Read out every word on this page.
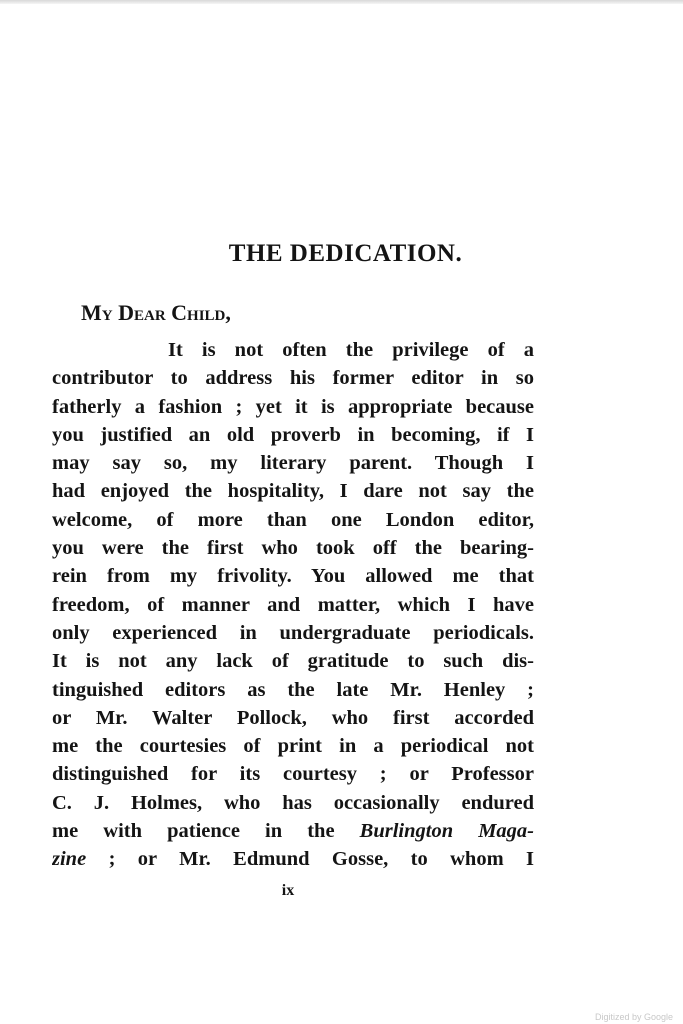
THE DEDICATION.

My Dear Child,

It is not often the privilege of a
contributor to address his former editor in so
fatherly a fashion ; yet it is appropriate because
you justified an old proverb in becoming, if I
may say so, my literary parent. Though I
had enjoyed the hospitality, I dare not say the
welcome, of more than one London editor,
you were the first who took off the bearing-
rein from my frivolity. You allowed me that
freedom, of manner and matter, which I have
only experienced in undergraduate periodicals.
It is not any lack of gratitude to such dis-
tinguished editors as the late Mr. Henley ;
or Mr. Walter Pollock, who first accorded
me the courtesies of print in a periodical not
distinguished for its courtesy ; or Professor
C. J. Holmes, who has occasionally endured
me with patience in the Burlington Maga-
zine ; or Mr. Edmund Gosse, to whom I

ix

Digitized by Google
